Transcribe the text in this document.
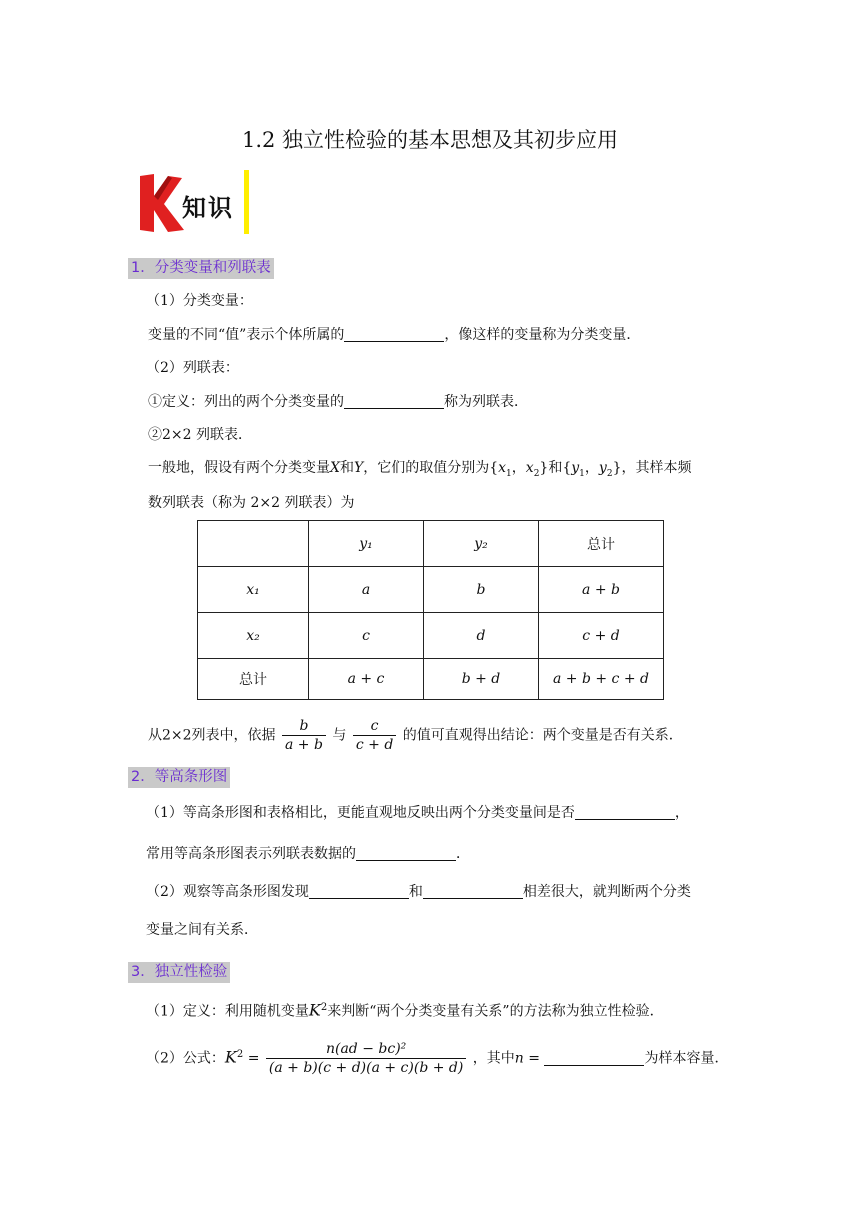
1.2 独立性检验的基本思想及其初步应用
知识
1．分类变量和列联表
（1）分类变量：
变量的不同“值”表示个体所属的	，像这样的变量称为分类变量．
（2）列联表：
①定义：列出的两个分类变量的	称为列联表．
②2×2 列联表．
一般地，假设有两个分类变量X和Y，它们的取值分别为{$x_1$，$x_2$}和{$y_1$，$y_2$}，其样本频
数列联表（称为 2×2 列联表）为
	y₁	y₂	总计
x₁	a	b	a + b
x₂	c	d	c + d
总计	a + c	b + d	a + b + c + d
从2×2列表中，依据 $\frac{b}{a + b}$ 与 $\frac{c}{c + d}$ 的值可直观得出结论：两个变量是否有关系．
2．等高条形图
（1）等高条形图和表格相比，更能直观地反映出两个分类变量间是否	，
常用等高条形图表示列联表数据的	．
（2）观察等高条形图发现	和	相差很大，就判断两个分类
变量之间有关系．
3．独立性检验
（1）定义：利用随机变量$K^2$来判断“两个分类变量有关系”的方法称为独立性检验．
（2）公式：$K^2 = \frac{\text{n(ad − bc)²}}{(a + b)(c + d)(a + c)(b + d)}$ ，其中n =	为样本容量．
